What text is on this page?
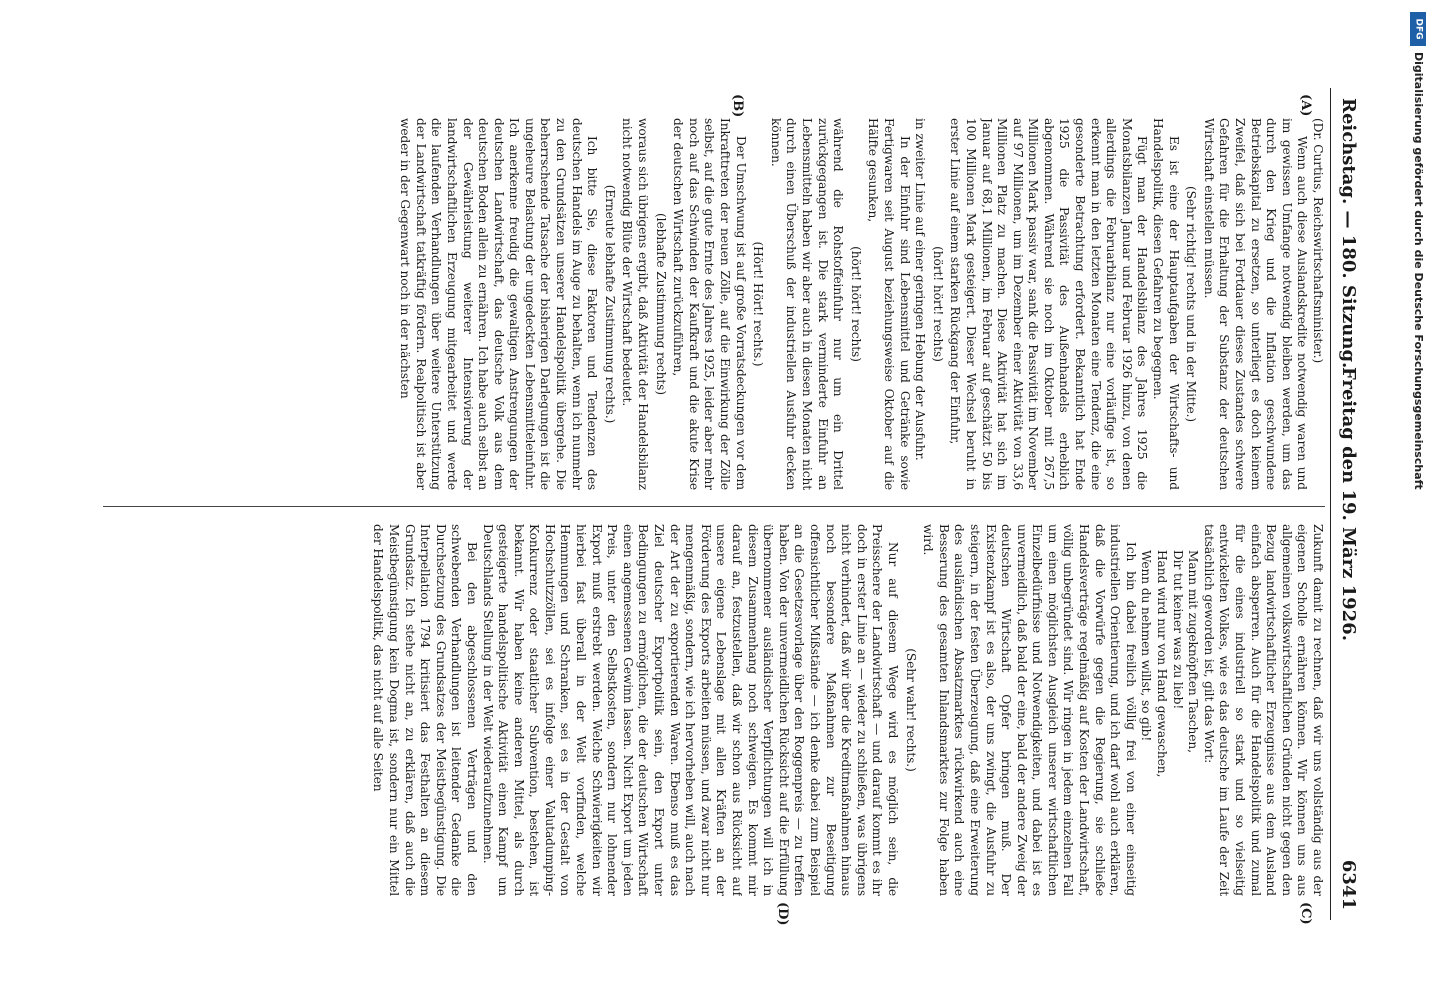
Reichstag. — 180. Sitzung.
Freitag den 19. März 1926.
6341
(A)
(B)
(C)
(D)

(Dr. Curtius, Reichswirtschaftsminister.)

Wenn auch diese Auslandskredite notwendig waren und im gewissen Umfange notwendig bleiben werden, um das durch den Krieg und die Inflation geschwundene Betriebskapital zu ersetzen, so unterliegt es doch keinem Zweifel, daß sich bei Fortdauer dieses Zustandes schwere Gefahren für die Erhaltung der Substanz der deutschen Wirtschaft einstellen müssen.

(Sehr richtig! rechts und in der Mitte.)

Es ist eine der Hauptaufgaben der Wirtschafts- und Handelspolitik, diesen Gefahren zu begegnen.

Fügt man der Handelsbilanz des Jahres 1925 die Monatsbilanzen Januar und Februar 1926 hinzu, von denen allerdings die Februarbilanz nur eine vorläufige ist, so erkennt man in den letzten Monaten eine Tendenz, die eine gesonderte Betrachtung erfordert. Bekanntlich hat Ende 1925 die Passivität des Außenhandels erheblich abgenommen. Während sie noch im Oktober mit 267,5 Millionen Mark passiv war, sank die Passivität im November auf 97 Millionen, um im Dezember einer Aktivität von 33,6 Millionen Platz zu machen. Diese Aktivität hat sich im Januar auf 68,1 Millionen, im Februar auf geschätzt 50 bis 100 Millionen Mark gesteigert. Dieser Wechsel beruht in erster Linie auf einem starken Rückgang der Einfuhr,

(hört! hört! rechts)

in zweiter Linie auf einer geringen Hebung der Ausfuhr.

In der Einfuhr sind Lebensmittel und Getränke sowie Fertigwaren seit August beziehungsweise Oktober auf die Hälfte gesunken,

(hört! hört! rechts)

während die Rohstoffeinfuhr nur um ein Drittel zurückgegangen ist. Die stark verminderte Einfuhr an Lebensmitteln haben wir aber auch in diesen Monaten nicht durch einen Überschuß der industriellen Ausfuhr decken können.

(Hört! Hört! rechts.)

Der Umschwung ist auf große Vorratsdeckungen vor dem Inkrafttreten der neuen Zölle, auf die Einwirkung der Zölle selbst, auf die gute Ernte des Jahres 1925, leider aber mehr noch auf das Schwinden der Kaufkraft und die akute Krise der deutschen Wirtschaft zurückzuführen,

(lebhafte Zustimmung rechts)

woraus sich übrigens ergibt, daß Aktivität der Handelsbilanz nicht notwendig Blüte der Wirtschaft bedeutet.

(Erneute lebhafte Zustimmung rechts.)

Ich bitte Sie, diese Faktoren und Tendenzen des deutschen Handels im Auge zu behalten, wenn ich nunmehr zu den Grundsätzen unserer Handelspolitik übergehe. Die beherrschende Tatsache der bisherigen Darlegungen ist die ungeheure Belastung der ungedeckten Lebensmitteleinfuhr. Ich anerkenne freudig die gewaltigen Anstrengungen der deutschen Landwirtschaft, das deutsche Volk aus dem deutschen Boden allein zu ernähren. Ich habe auch selbst an der Gewährleistung weiterer Intensivierung der landwirtschaftlichen Erzeugung mitgearbeitet und werde die laufenden Verhandlungen über weitere Unterstützung der Landwirtschaft tatkräftig fördern. Realpolitisch ist aber weder in der Gegenwart noch in der nächsten

Zukunft damit zu rechnen, daß wir uns vollständig aus der eigenen Scholle ernähren können. Wir können uns aus allgemeinen volkswirtschaftlichen Gründen nicht gegen den Bezug landwirtschaftlicher Erzeugnisse aus dem Ausland einfach absperren. Auch für die Handelspolitik und zumal für die eines industriell so stark und so vielseitig entwickelten Volkes, wie es das deutsche im Laufe der Zeit tatsächlich geworden ist, gilt das Wort:

Mann mit zugeknöpften Taschen,

Dir tut keiner was zu lieb!

Hand wird nur von Hand gewaschen,

Wenn du nehmen willst, so gib!

Ich bin dabei freilich völlig frei von einer einseitig industriellen Orientierung, und ich darf wohl auch erklären, daß die Vorwürfe gegen die Regierung, sie schließe Handelsverträge regelmäßig auf Kosten der Landwirtschaft, völlig unbegründet sind. Wir ringen in jedem einzelnen Fall um einen möglichsten Ausgleich unserer wirtschaftlichen Einzelbedürfnisse und Notwendigkeiten, und dabei ist es unvermeidlich, daß bald der eine, bald der andere Zweig der deutschen Wirtschaft Opfer bringen muß. Der Existenzkampf ist es also, der uns zwingt, die Ausfuhr zu steigern, in der festen Überzeugung, daß eine Erweiterung des ausländischen Absatzmarktes rückwirkend auch eine Besserung des gesamten Inlandsmarktes zur Folge haben wird.

(Sehr wahr! rechts.)

Nur auf diesem Wege wird es möglich sein, die Preisschere der Landwirtschaft — und darauf kommt es ihr doch in erster Linie an — wieder zu schließen, was übrigens nicht verhindert, daß wir über die Kreditmaßnahmen hinaus noch besondere Maßnahmen zur Beseitigung offensichtlicher Mißstände — ich denke dabei zum Beispiel an die Gesetzesvorlage über den Roggenpreis — zu treffen haben. Von der unvermeidlichen Rücksicht auf die Erfüllung übernommener ausländischer Verpflichtungen will ich in diesem Zusammenhang noch schweigen. Es kommt mir darauf an, festzustellen, daß wir schon aus Rücksicht auf unsere eigene Lebenslage mit allen Kräften an der Förderung des Exports arbeiten müssen, und zwar nicht nur mengenmäßig, sondern, wie ich hervorheben will, auch nach der Art der zu exportierenden Waren. Ebenso muß es das Ziel deutscher Exportpolitik sein, den Export unter Bedingungen zu ermöglichen, die der deutschen Wirtschaft einen angemessenen Gewinn lassen. Nicht Export um jeden Preis, unter den Selbstkosten, sondern nur lohnender Export muß erstrebt werden. Welche Schwierigkeiten wir hierbei fast überall in der Welt vorfinden, welche Hemmungen und Schranken, sei es in der Gestalt von Hochschutzzöllen, sei es infolge einer Valutadumping-Konkurrenz oder staatlicher Subvention, bestehen, ist bekannt. Wir haben keine anderen Mittel, als durch gesteigerte handelspolitische Aktivität einen Kampf um Deutschlands Stellung in der Welt wiederaufzunehmen.

Bei den abgeschlossenen Verträgen und den schwebenden Verhandlungen ist leitender Gedanke die Durchsetzung des Grundsatzes der Meistbegünstigung. Die Interpellation 1794 kritisiert das Festhalten an diesem Grundsatz. Ich stehe nicht an, zu erklären, daß auch die Meistbegünstigung kein Dogma ist, sondern nur ein Mittel der Handelspolitik, das nicht auf alle Seiten

DFG
Digitalisierung gefördert durch die Deutsche Forschungsgemeinschaft
